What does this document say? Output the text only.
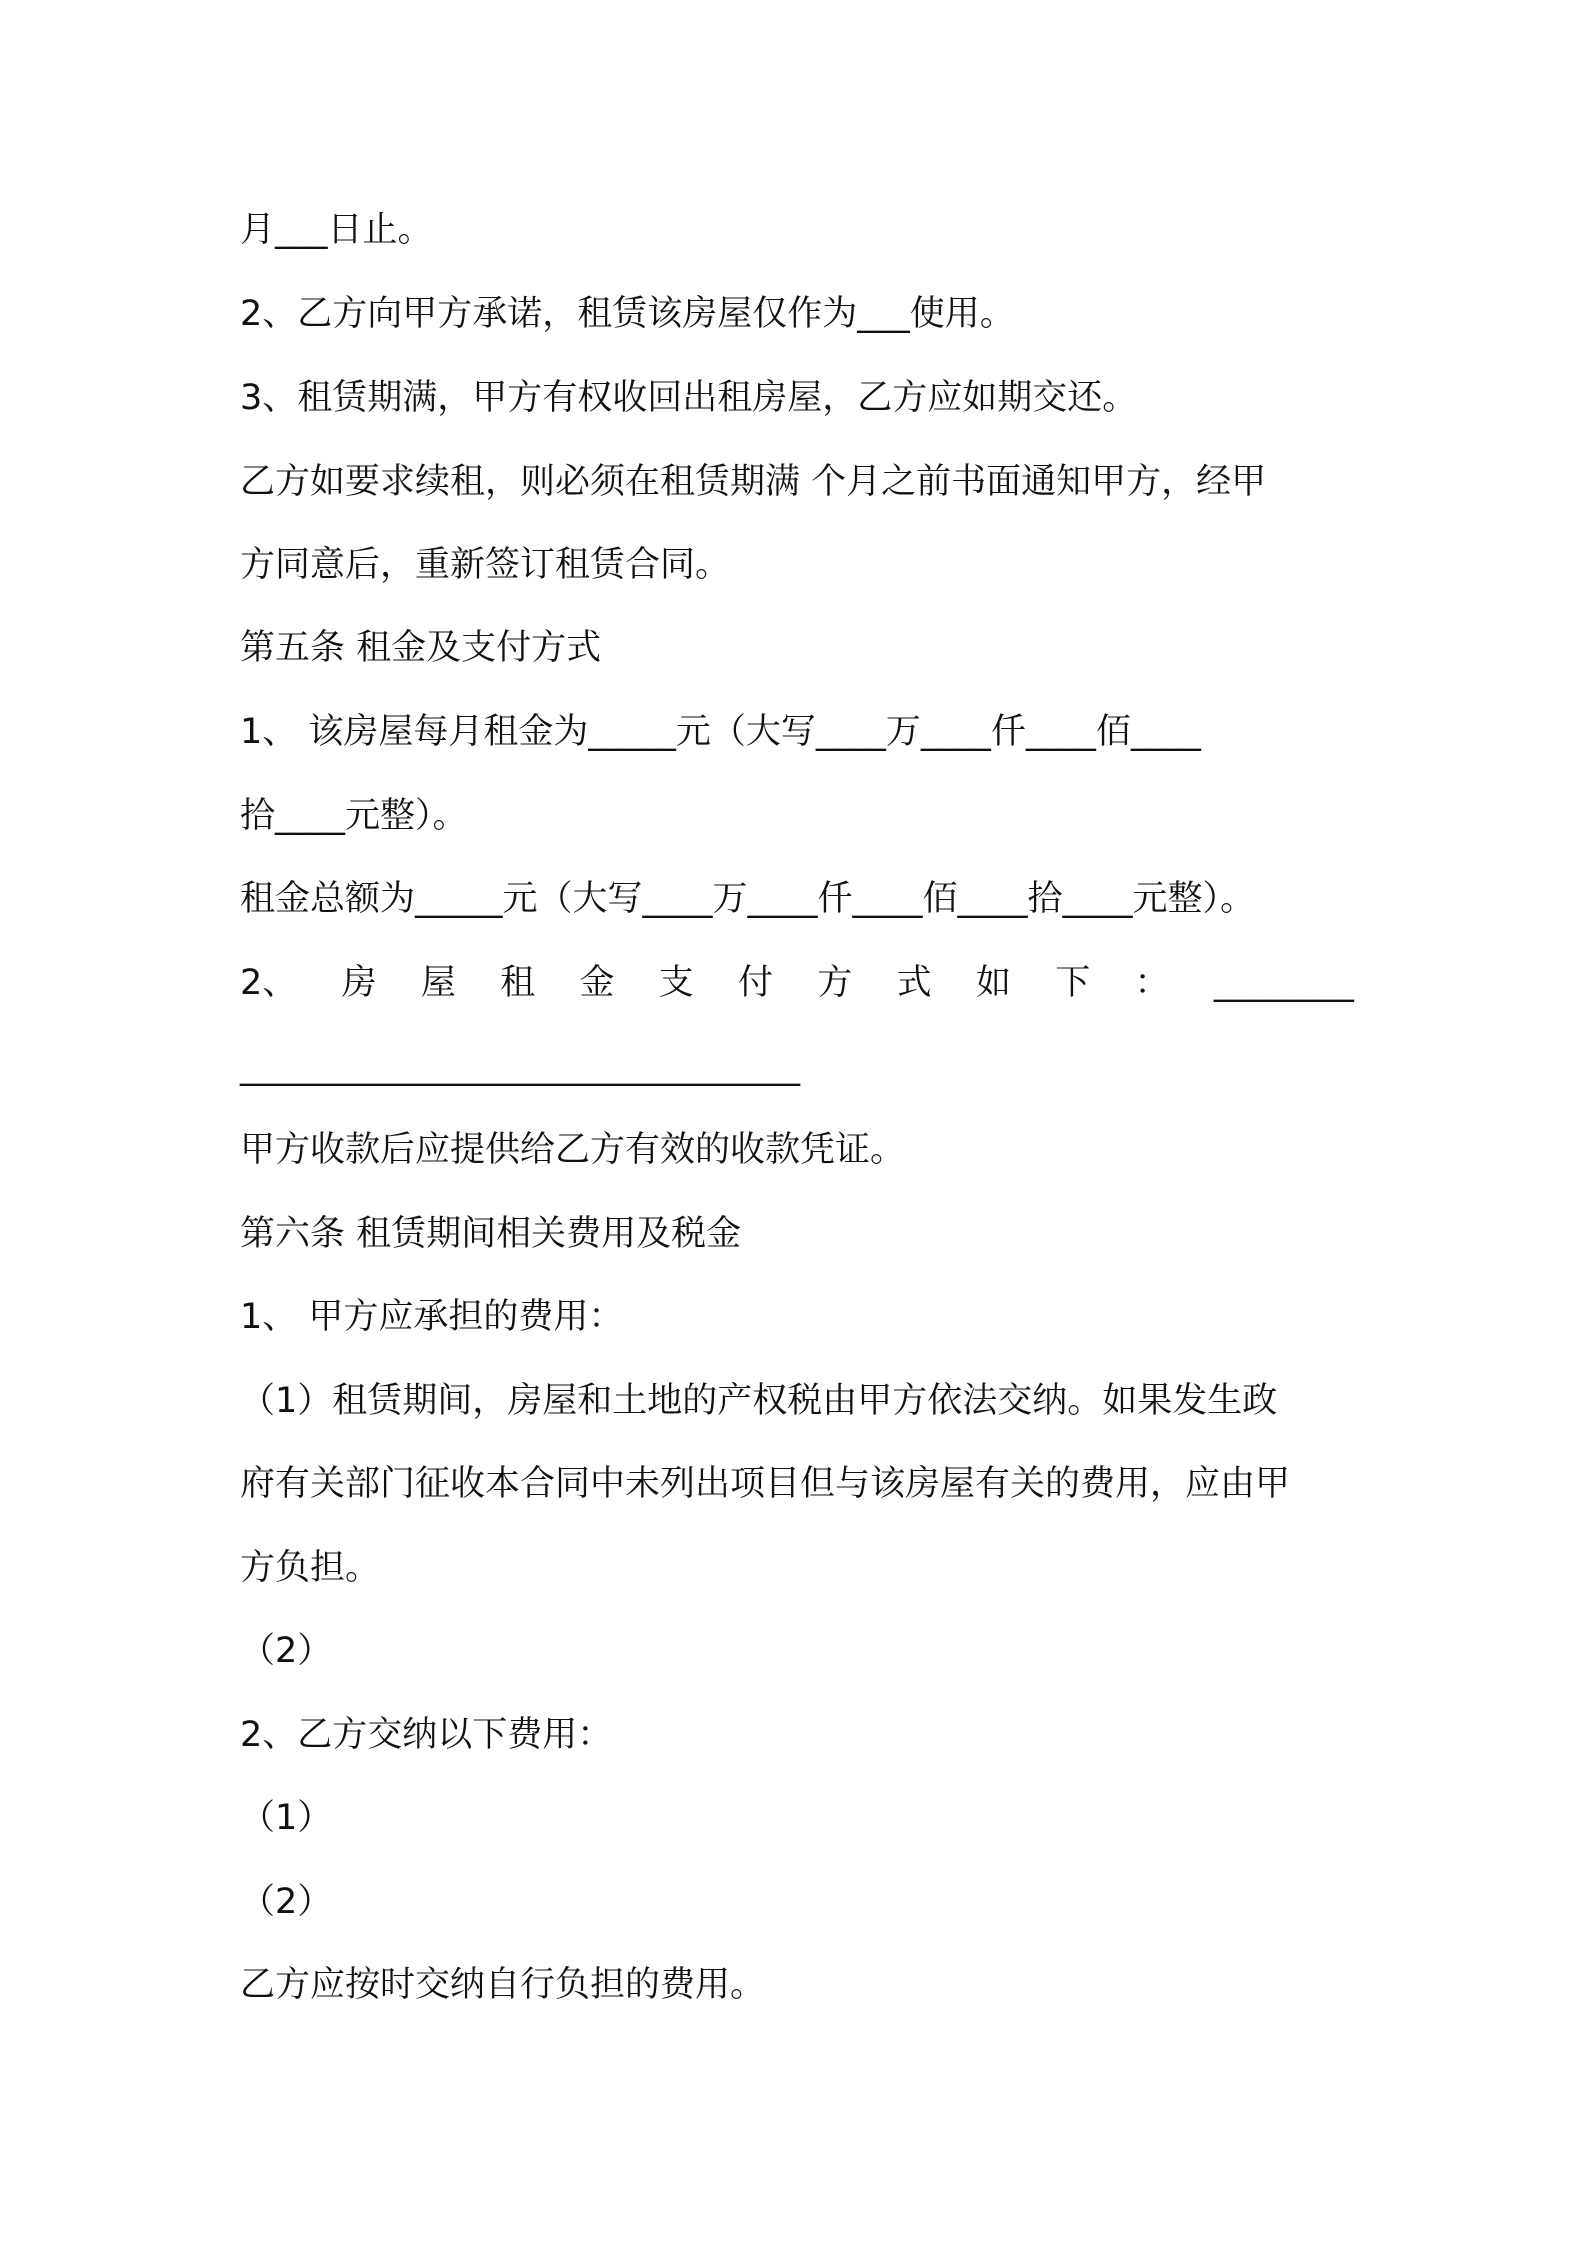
月___日止。

2、乙方向甲方承诺，租赁该房屋仅作为___使用。

3、租赁期满，甲方有权收回出租房屋，乙方应如期交还。

乙方如要求续租，则必须在租赁期满 个月之前书面通知甲方，经甲

方同意后，重新签订租赁合同。

第五条 租金及支付方式

1、 该房屋每月租金为_____元（大写____万____仟____佰____

拾____元整）。

租金总额为_____元（大写____万____仟____佰____拾____元整）。

2、 房 屋 租 金 支 付 方 式 如 下 ： ________

________________________________

甲方收款后应提供给乙方有效的收款凭证。

第六条 租赁期间相关费用及税金

1、 甲方应承担的费用：

（1）租赁期间，房屋和土地的产权税由甲方依法交纳。如果发生政

府有关部门征收本合同中未列出项目但与该房屋有关的费用，应由甲

方负担。

（2）

2、乙方交纳以下费用：

（1）

（2）

乙方应按时交纳自行负担的费用。
